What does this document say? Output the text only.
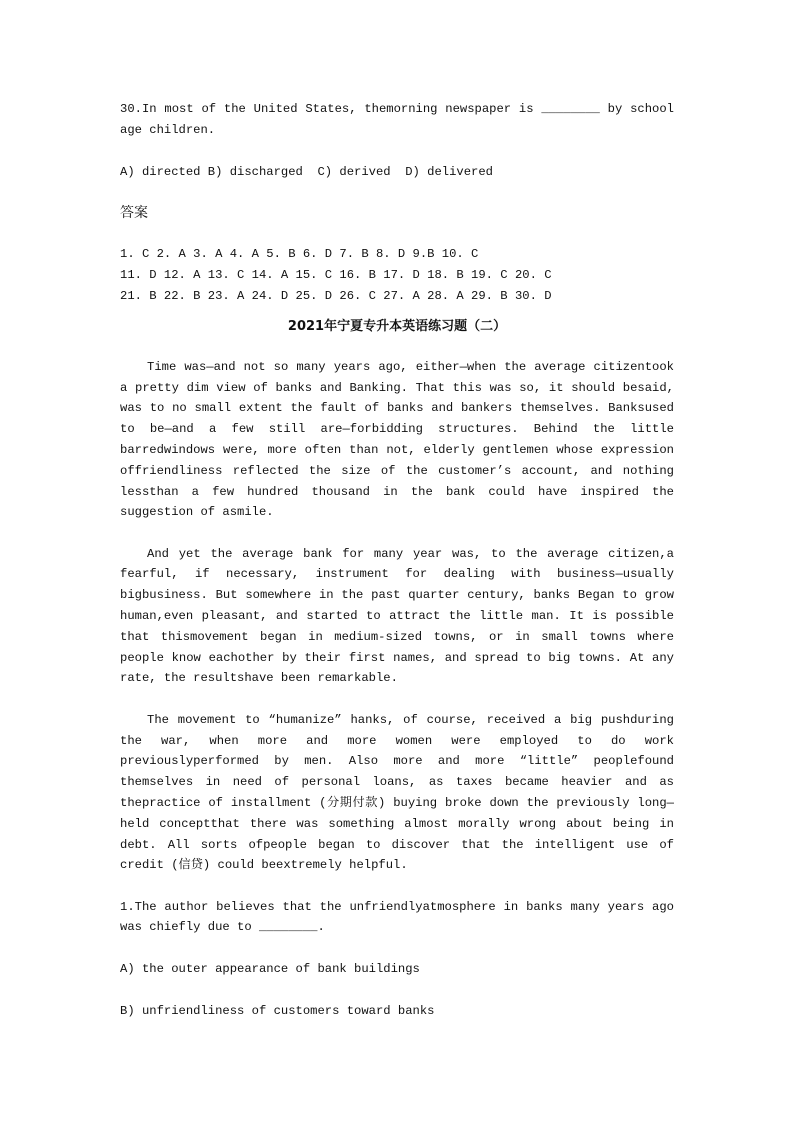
30.In most of the United States, themorning newspaper is ________ by school age children.

A) directed B) discharged  C) derived  D) delivered

答案

1. C 2. A 3. A 4. A 5. B 6. D 7. B 8. D 9.B 10. C

11. D 12. A 13. C 14. A 15. C 16. B 17. D 18. B 19. C 20. C

21. B 22. B 23. A 24. D 25. D 26. C 27. A 28. A 29. B 30. D

2021年宁夏专升本英语练习题（二）

Time was—and not so many years ago, either—when the average citizentook a pretty dim view of banks and Banking. That this was so, it should besaid, was to no small extent the fault of banks and bankers themselves. Banksused to be—and a few still are—forbidding structures. Behind the little barredwindows were, more often than not, elderly gentlemen whose expression offriendliness reflected the size of the customer’s account, and nothing lessthan a few hundred thousand in the bank could have inspired the suggestion of asmile.

And yet the average bank for many year was, to the average citizen,a fearful, if necessary, instrument for dealing with business—usually bigbusiness. But somewhere in the past quarter century, banks Began to grow human,even pleasant, and started to attract the little man. It is possible that thismovement began in medium-sized towns, or in small towns where people know eachother by their first names, and spread to big towns. At any rate, the resultshave been remarkable.

The movement to “humanize” hanks, of course, received a big pushduring the war, when more and more women were employed to do work previouslyperformed by men. Also more and more “little” peoplefound themselves in need of personal loans, as taxes became heavier and as thepractice of installment (分期付款) buying broke down the previously long—held conceptthat there was something almost morally wrong about being in debt. All sorts ofpeople began to discover that the intelligent use of credit (信贷) could beextremely helpful.

1.The author believes that the unfriendlyatmosphere in banks many years ago was chiefly due to ________.

A) the outer appearance of bank buildings

B) unfriendliness of customers toward banks
